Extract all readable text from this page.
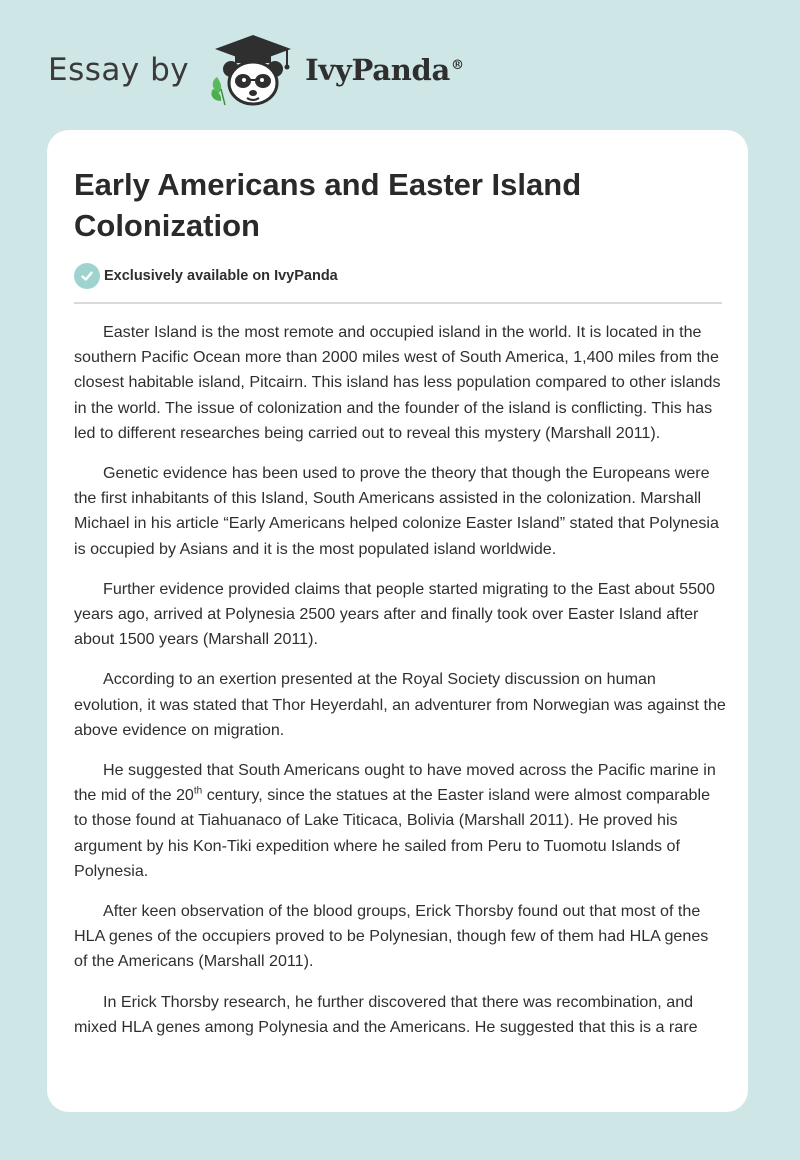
Essay by	IvyPanda®
Early Americans and Easter Island Colonization
Exclusively available on IvyPanda

Easter Island is the most remote and occupied island in the world. It is located in the southern Pacific Ocean more than 2000 miles west of South America, 1,400 miles from the closest habitable island, Pitcairn. This island has less population compared to other islands in the world. The issue of colonization and the founder of the island is conflicting. This has led to different researches being carried out to reveal this mystery (Marshall 2011).

Genetic evidence has been used to prove the theory that though the Europeans were the first inhabitants of this Island, South Americans assisted in the colonization. Marshall Michael in his article “Early Americans helped colonize Easter Island” stated that Polynesia is occupied by Asians and it is the most populated island worldwide.

Further evidence provided claims that people started migrating to the East about 5500 years ago, arrived at Polynesia 2500 years after and finally took over Easter Island after about 1500 years (Marshall 2011).

According to an exertion presented at the Royal Society discussion on human evolution, it was stated that Thor Heyerdahl, an adventurer from Norwegian was against the above evidence on migration.

He suggested that South Americans ought to have moved across the Pacific marine in the mid of the 20th century, since the statues at the Easter island were almost comparable to those found at Tiahuanaco of Lake Titicaca, Bolivia (Marshall 2011). He proved his argument by his Kon-Tiki expedition where he sailed from Peru to Tuomotu Islands of Polynesia.

After keen observation of the blood groups, Erick Thorsby found out that most of the HLA genes of the occupiers proved to be Polynesian, though few of them had HLA genes of the Americans (Marshall 2011).

In Erick Thorsby research, he further discovered that there was recombination, and mixed HLA genes among Polynesia and the Americans. He suggested that this is a rare
